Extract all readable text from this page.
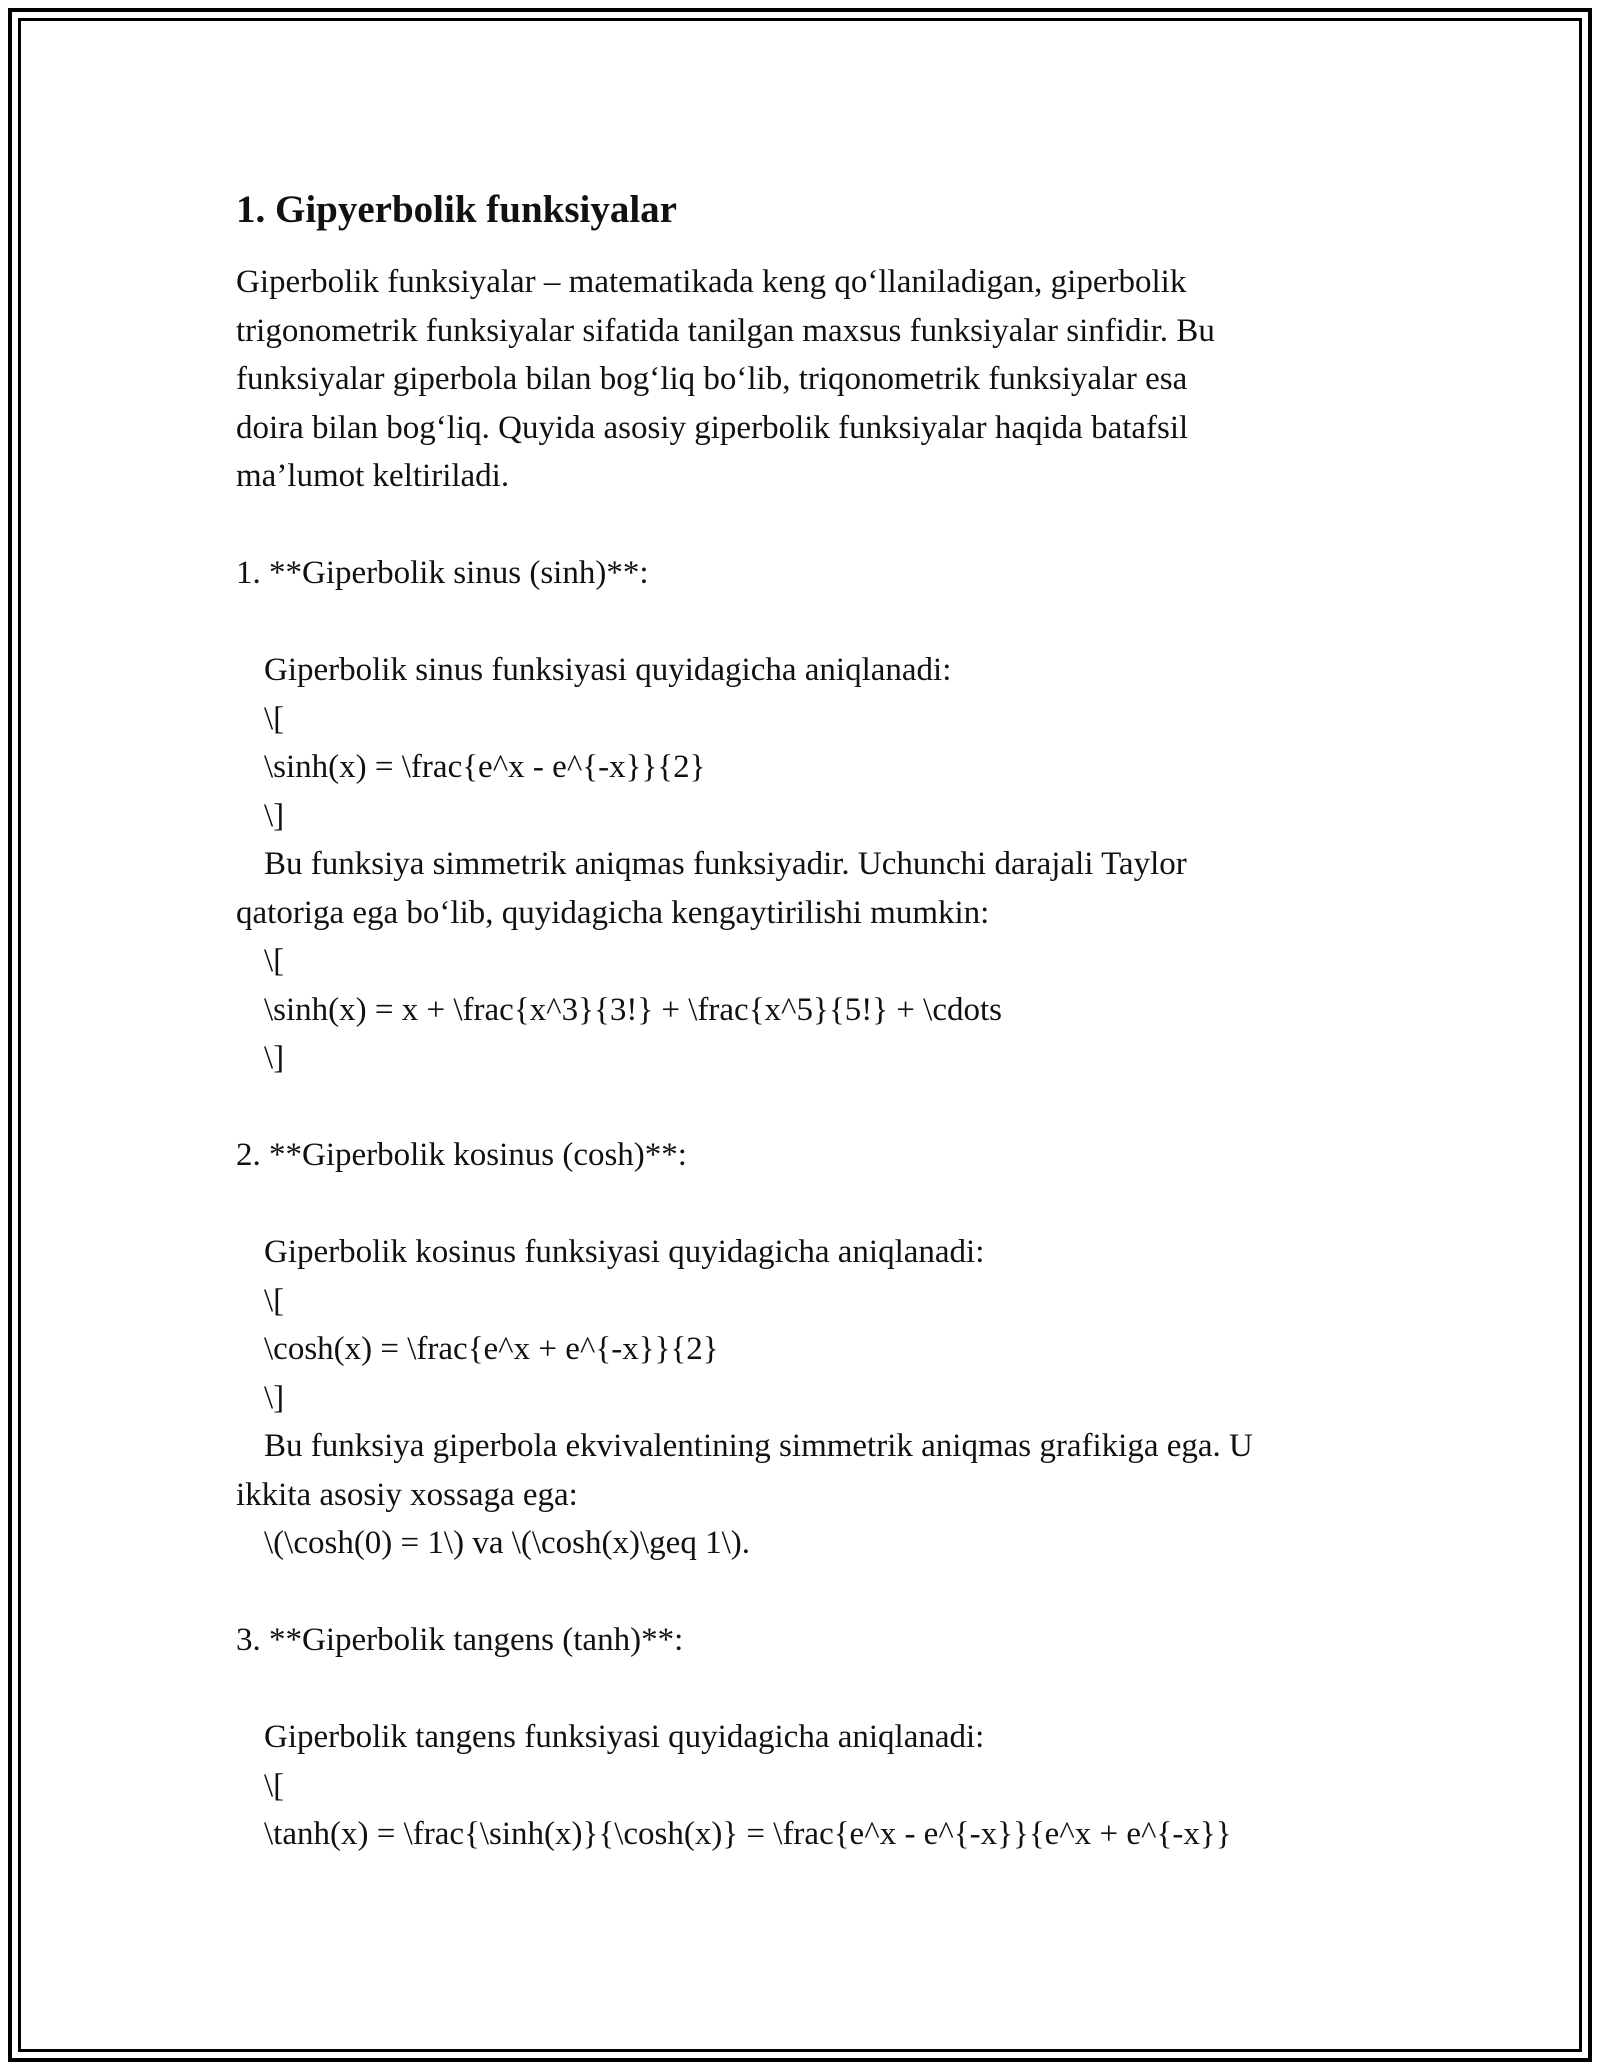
1. Gipyerbolik funksiyalar

Giperbolik funksiyalar – matematikada keng qo‘llaniladigan, giperbolik

trigonometrik funksiyalar sifatida tanilgan maxsus funksiyalar sinfidir. Bu

funksiyalar giperbola bilan bog‘liq bo‘lib, triqonometrik funksiyalar esa

doira bilan bog‘liq. Quyida asosiy giperbolik funksiyalar haqida batafsil

ma’lumot keltiriladi.

1. **Giperbolik sinus (sinh)**:

Giperbolik sinus funksiyasi quyidagicha aniqlanadi:

\[

\sinh(x) = \frac{e^x - e^{-x}}{2}

\]

Bu funksiya simmetrik aniqmas funksiyadir. Uchunchi darajali Taylor

qatoriga ega bo‘lib, quyidagicha kengaytirilishi mumkin:

\[

\sinh(x) = x + \frac{x^3}{3!} + \frac{x^5}{5!} + \cdots

\]

2. **Giperbolik kosinus (cosh)**:

Giperbolik kosinus funksiyasi quyidagicha aniqlanadi:

\[

\cosh(x) = \frac{e^x + e^{-x}}{2}

\]

Bu funksiya giperbola ekvivalentining simmetrik aniqmas grafikiga ega. U

ikkita asosiy xossaga ega:

\(\cosh(0) = 1\) va \(\cosh(x)\geq 1\).

3. **Giperbolik tangens (tanh)**:

Giperbolik tangens funksiyasi quyidagicha aniqlanadi:

\[

\tanh(x) = \frac{\sinh(x)}{\cosh(x)} = \frac{e^x - e^{-x}}{e^x + e^{-x}}
